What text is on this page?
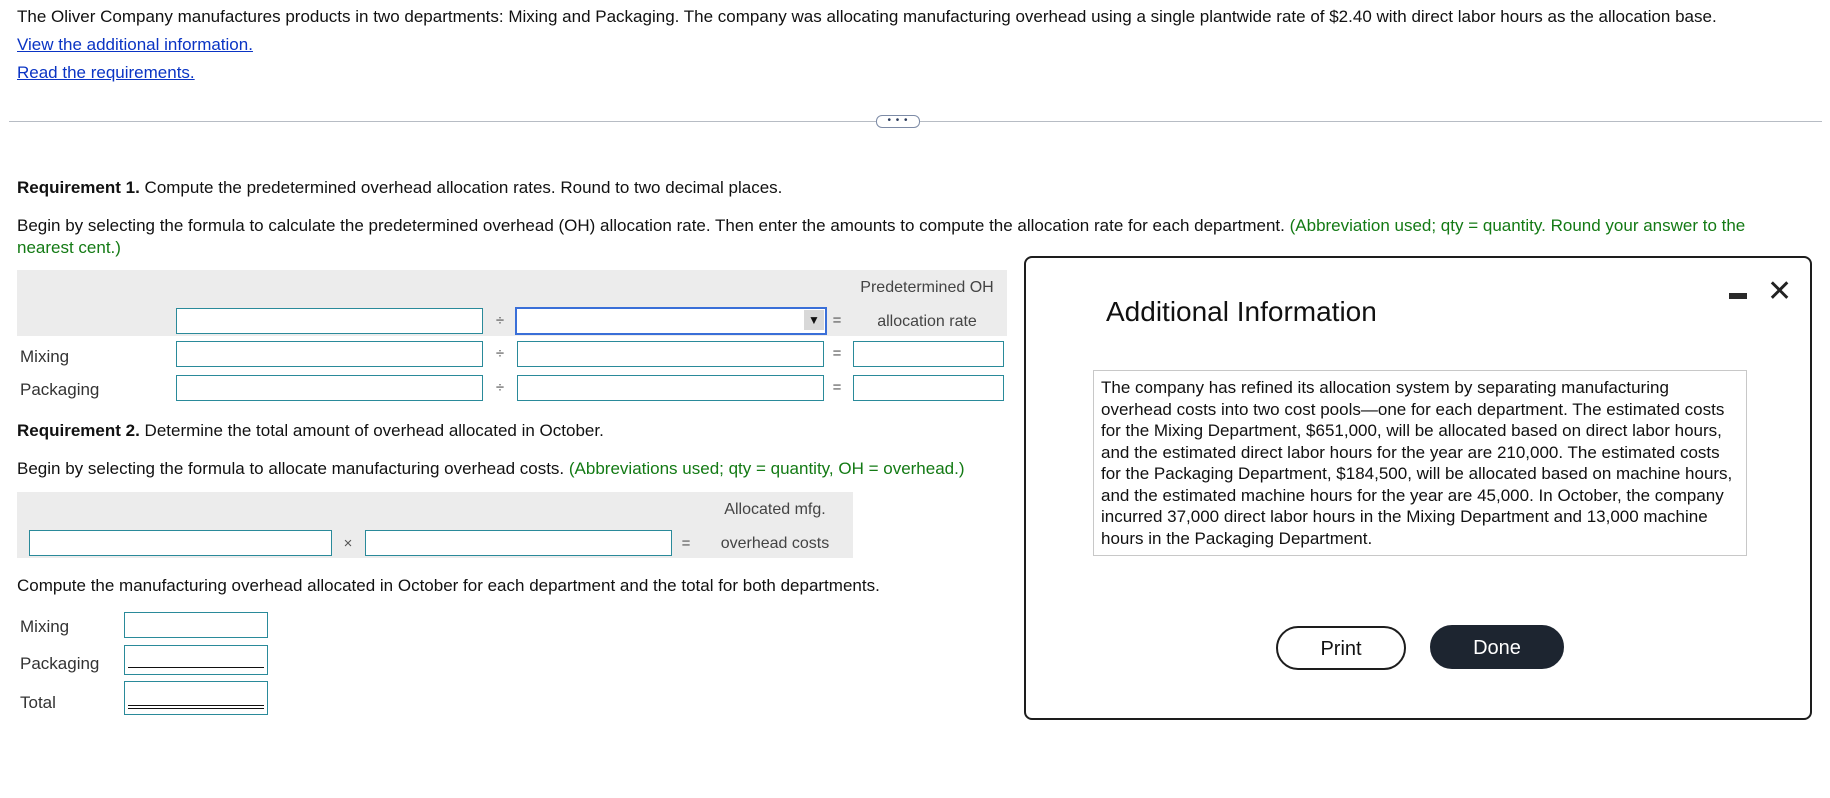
The Oliver Company manufactures products in two departments: Mixing and Packaging. The company was allocating manufacturing overhead using a single plantwide rate of $2.40 with direct labor hours as the allocation base.
View the additional information.
Read the requirements.
• • •
Requirement 1. Compute the predetermined overhead allocation rates. Round to two decimal places.
Begin by selecting the formula to calculate the predetermined overhead (OH) allocation rate. Then enter the amounts to compute the allocation rate for each department. (Abbreviation used; qty = quantity. Round your answer to the
nearest cent.)
Predetermined OH
allocation rate
÷	▼ =
Mixing	÷	=
Packaging	÷	=
Requirement 2. Determine the total amount of overhead allocated in October.
Begin by selecting the formula to allocate manufacturing overhead costs. (Abbreviations used; qty = quantity, OH = overhead.)
Allocated mfg.
overhead costs
×	=
Compute the manufacturing overhead allocated in October for each department and the total for both departments.
Mixing
Packaging
Total
Additional Information
✕
The company has refined its allocation system by separating manufacturing overhead costs into two cost pools—one for each department. The estimated costs for the Mixing Department, $651,000, will be allocated based on direct labor hours, and the estimated direct labor hours for the year are 210,000. The estimated costs for the Packaging Department, $184,500, will be allocated based on machine hours, and the estimated machine hours for the year are 45,000. In October, the company incurred 37,000 direct labor hours in the Mixing Department and 13,000 machine hours in the Packaging Department.
Print	Done
